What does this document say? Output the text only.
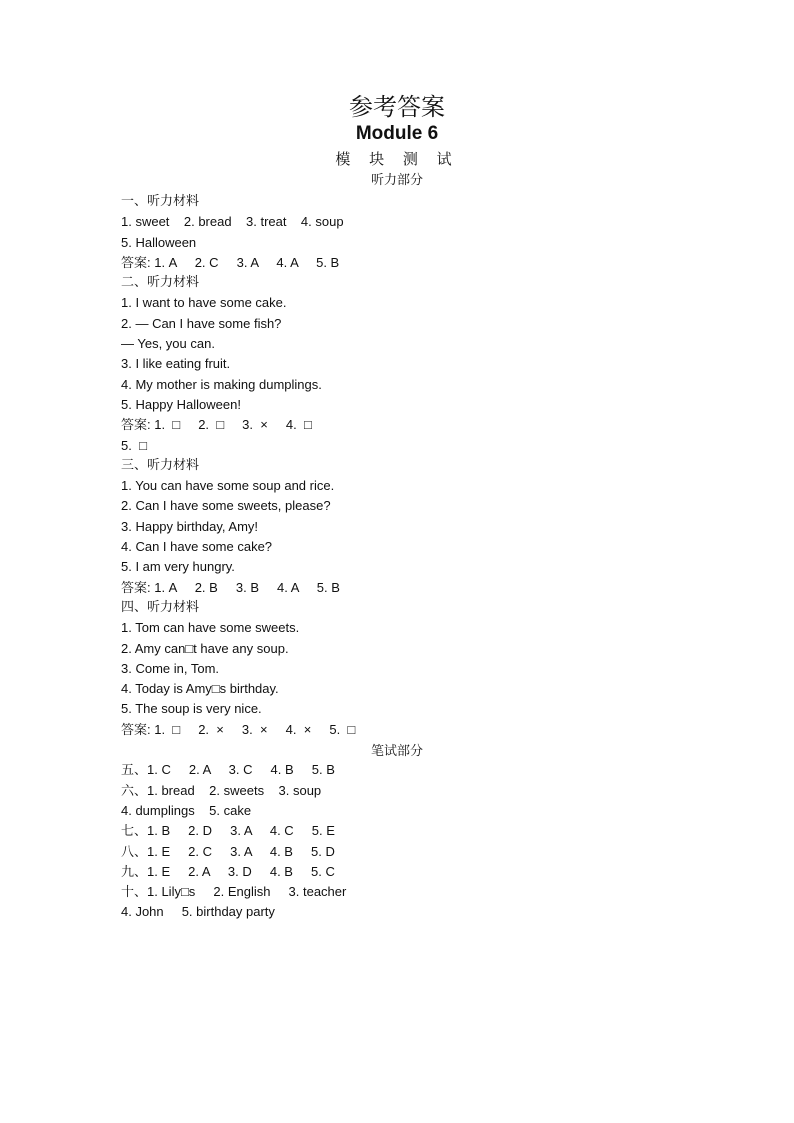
参考答案
Module 6
模 块 测 试
听力部分
一、听力材料
1. sweet    2. bread    3. treat    4. soup
5. Halloween
答案: 1. A     2. C     3. A     4. A     5. B
二、听力材料
1. I want to have some cake.
2. — Can I have some fish?
— Yes, you can.
3. I like eating fruit.
4. My mother is making dumplings.
5. Happy Halloween!
答案: 1.  □     2.  □     3.  ×     4.  □
5.  □
三、听力材料
1. You can have some soup and rice.
2. Can I have some sweets, please?
3. Happy birthday, Amy!
4. Can I have some cake?
5. I am very hungry.
答案: 1. A     2. B     3. B     4. A     5. B
四、听力材料
1. Tom can have some sweets.
2. Amy can□t have any soup.
3. Come in, Tom.
4. Today is Amy□s birthday.
5. The soup is very nice.
答案: 1.  □     2.  ×     3.  ×     4.  ×     5.  □
五、1. C     2. A     3. C     4. B     5. B
六、1. bread    2. sweets    3. soup
4. dumplings    5. cake
七、1. B     2. D     3. A     4. C     5. E
八、1. E     2. C     3. A     4. B     5. D
九、1. E     2. A     3. D     4. B     5. C
十、1. Lily□s     2. English     3. teacher
4. John     5. birthday party
笔试部分
